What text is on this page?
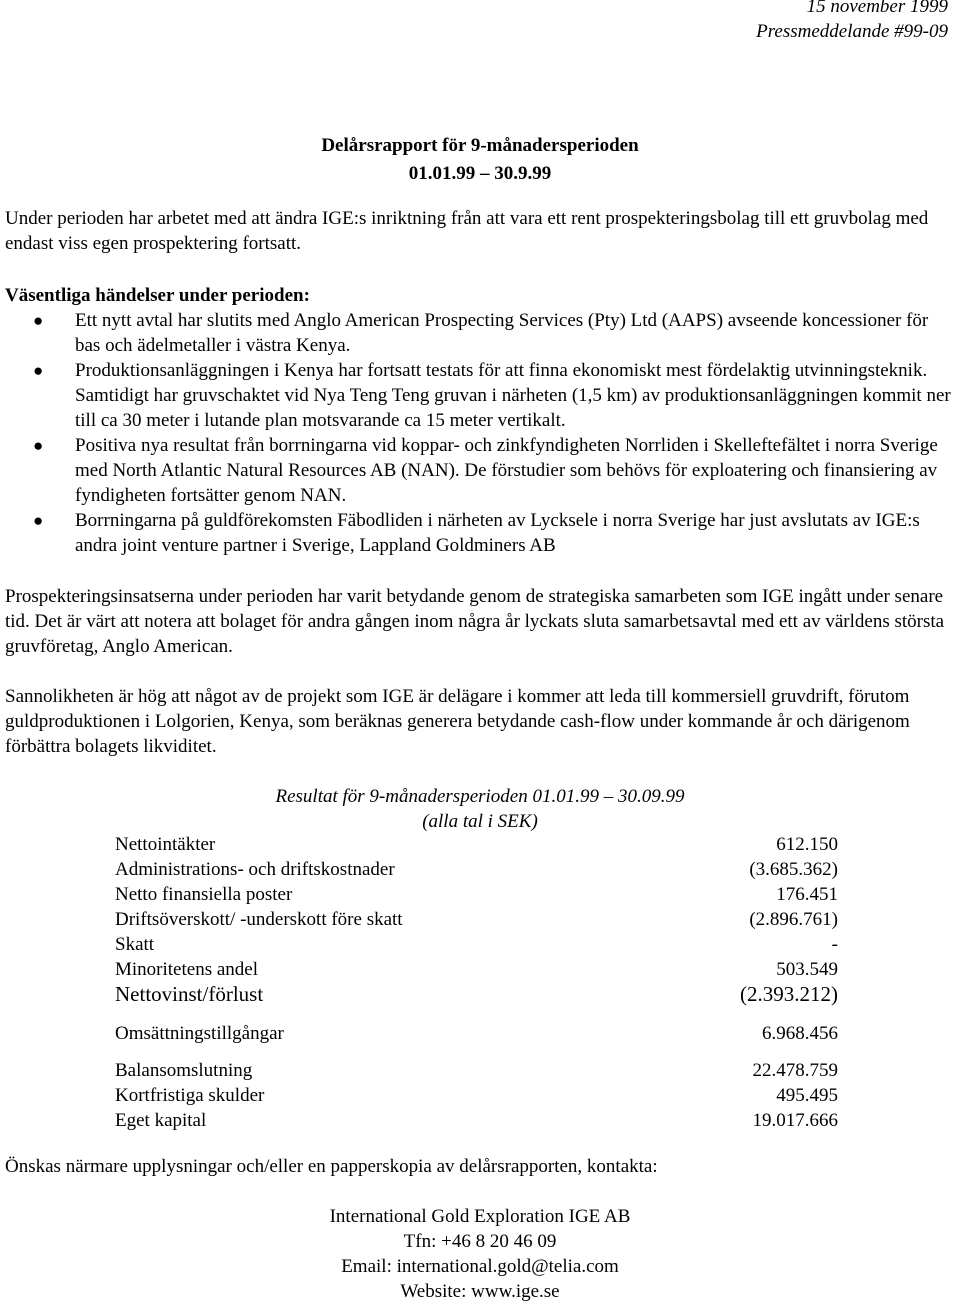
15 november 1999
Pressmeddelande #99-09
Delårsrapport för 9-månadersperioden
01.01.99 – 30.9.99
Under perioden har arbetet med att ändra IGE:s inriktning från att vara ett rent prospekteringsbolag till ett gruvbolag med endast viss egen prospektering fortsatt.
Väsentliga händelser under perioden:
● Ett nytt avtal har slutits med Anglo American Prospecting Services (Pty) Ltd (AAPS) avseende koncessioner för bas och ädelmetaller i västra Kenya.
● Produktionsanläggningen i Kenya har fortsatt testats för att finna ekonomiskt mest fördelaktig utvinningsteknik. Samtidigt har gruvschaktet vid Nya Teng Teng gruvan i närheten (1,5 km) av produktionsanläggningen kommit ner till ca 30 meter i lutande plan motsvarande ca 15 meter vertikalt.
● Positiva nya resultat från borrningarna vid koppar- och zinkfyndigheten Norrliden i Skelleftefältet i norra Sverige med North Atlantic Natural Resources AB (NAN). De förstudier som behövs för exploatering och finansiering av fyndigheten fortsätter genom NAN.
● Borrningarna på guldförekomsten Fäbodliden i närheten av Lycksele i norra Sverige har just avslutats av IGE:s andra joint venture partner i Sverige, Lappland Goldminers AB
Prospekteringsinsatserna under perioden har varit betydande genom de strategiska samarbeten som IGE ingått under senare tid. Det är värt att notera att bolaget för andra gången inom några år lyckats sluta samarbetsavtal med ett av världens största gruvföretag, Anglo American.
Sannolikheten är hög att något av de projekt som IGE är delägare i kommer att leda till kommersiell gruvdrift, förutom guldproduktionen i Lolgorien, Kenya, som beräknas generera betydande cash-flow under kommande år och därigenom förbättra bolagets likviditet.
Resultat för 9-månadersperioden 01.01.99 – 30.09.99
(alla tal i SEK)
Nettointäkter	612.150
Administrations- och driftskostnader	(3.685.362)
Netto finansiella poster	176.451
Driftsöverskott/ -underskott före skatt	(2.896.761)
Skatt	-
Minoritetens andel	503.549
Nettovinst/förlust	(2.393.212)
Omsättningstillgångar	6.968.456
Balansomslutning	22.478.759
Kortfristiga skulder	495.495
Eget kapital	19.017.666
Önskas närmare upplysningar och/eller en papperskopia av delårsrapporten, kontakta:
International Gold Exploration IGE AB
Tfn: +46 8 20 46 09
Email: international.gold@telia.com
Website: www.ige.se
